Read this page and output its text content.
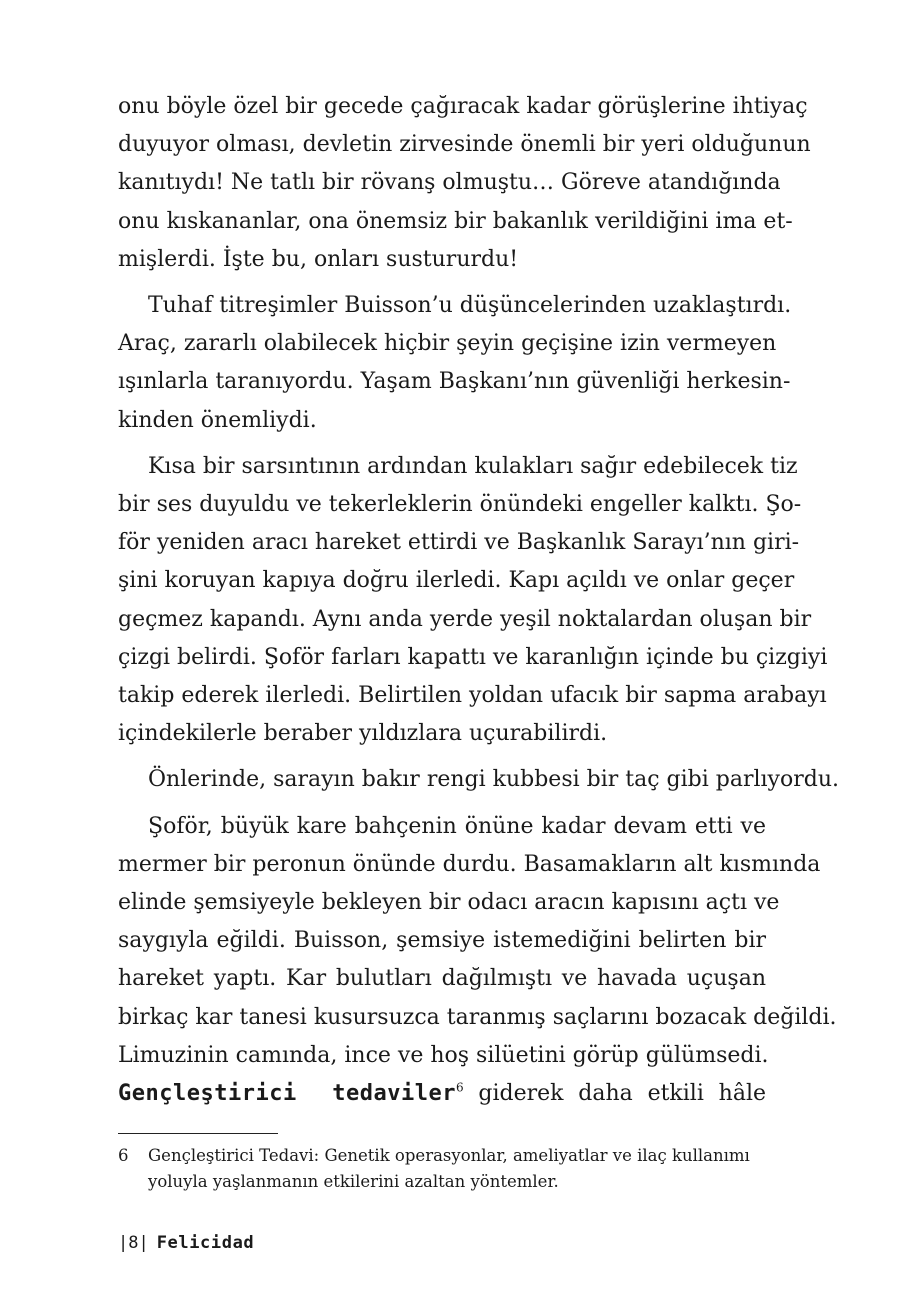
onu böyle özel bir gecede çağıracak kadar görüşlerine ihtiyaç
duyuyor olması, devletin zirvesinde önemli bir yeri olduğunun
kanıtıydı! Ne tatlı bir rövanş olmuştu… Göreve atandığında
onu kıskananlar, ona önemsiz bir bakanlık verildiğini ima et-
mişlerdi. İşte bu, onları sustururdu!

Tuhaf titreşimler Buisson’u düşüncelerinden uzaklaştırdı.
Araç, zararlı olabilecek hiçbir şeyin geçişine izin vermeyen
ışınlarla taranıyordu. Yaşam Başkanı’nın güvenliği herkesin-
kinden önemliydi.

Kısa bir sarsıntının ardından kulakları sağır edebilecek tiz
bir ses duyuldu ve tekerleklerin önündeki engeller kalktı. Şo-
för yeniden aracı hareket ettirdi ve Başkanlık Sarayı’nın giri-
şini koruyan kapıya doğru ilerledi. Kapı açıldı ve onlar geçer
geçmez kapandı. Aynı anda yerde yeşil noktalardan oluşan bir
çizgi belirdi. Şoför farları kapattı ve karanlığın içinde bu çizgiyi
takip ederek ilerledi. Belirtilen yoldan ufacık bir sapma arabayı
içindekilerle beraber yıldızlara uçurabilirdi.

Önlerinde, sarayın bakır rengi kubbesi bir taç gibi parlıyordu.

Şoför, büyük kare bahçenin önüne kadar devam etti ve
mermer bir peronun önünde durdu. Basamakların alt kısmında
elinde şemsiyeyle bekleyen bir odacı aracın kapısını açtı ve
saygıyla eğildi. Buisson, şemsiye istemediğini belirten bir
hareket yaptı. Kar bulutları dağılmıştı ve havada uçuşan
birkaç kar tanesi kusursuzca taranmış saçlarını bozacak değildi.
Limuzinin camında, ince ve hoş silüetini görüp gülümsedi.
Gençleştirici tedaviler$^6$ giderek daha etkili hâle

6 Gençleştirici Tedavi: Genetik operasyonlar, ameliyatlar ve ilaç kullanımı yoluyla yaşlanmanın etkilerini azaltan yöntemler.
|8| Felicidad
